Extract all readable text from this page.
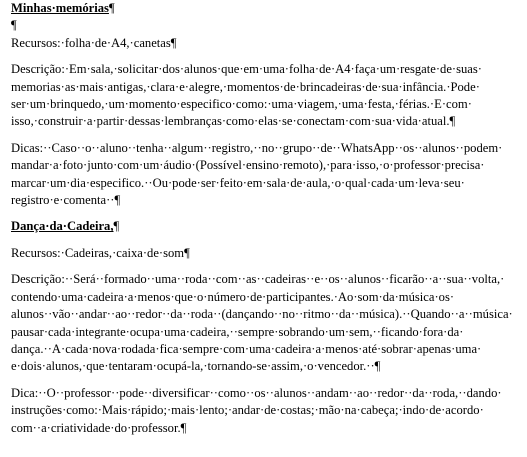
Minhas·memórias¶

¶

Recursos:·folha·de·A4,·canetas¶

Descrição:·Em·sala,·solicitar·dos·alunos·que·em·uma·folha·de·A4·faça·um·resgate·de·suas· memorias·as·mais·antigas,·clara·e·alegre,·momentos·de·brincadeiras·de·sua·infância.·Pode· ser·um·brinquedo,·um·momento·especifico·como:·uma·viagem,·uma·festa,·férias.·E·com· isso,·construir·a·partir·dessas·lembranças·como·elas·se·conectam·com·sua·vida·atual.¶

Dicas:··Caso··o··aluno··tenha··algum··registro,··no··grupo··de··WhatsApp··os··alunos··podem· mandar·a·foto·junto·com·um·áudio·(Possível·ensino·remoto),·para·isso,·o·professor·precisa· marcar·um·dia·especifico.··Ou·pode·ser·feito·em·sala·de·aula,·o·qual·cada·um·leva·seu· registro·e·comenta··¶

Dança·da·Cadeira,¶

Recursos:·Cadeiras,·caixa·de·som¶

Descrição:··Será··formado··uma··roda··com··as··cadeiras··e··os··alunos··ficarão··a··sua··volta,· contendo·uma·cadeira·a·menos·que·o·número·de·participantes.·Ao·som·da·música·os· alunos··vão··andar··ao··redor··da··roda··(dançando··no··ritmo··da··música).··Quando··a··música· pausar·cada·integrante·ocupa·uma·cadeira,··sempre·sobrando·um·sem,··ficando·fora·da· dança.··A·cada·nova·rodada·fica·sempre·com·uma·cadeira·a·menos·até·sobrar·apenas·uma· e·dois·alunos,·que·tentaram·ocupá-la,·tornando-se·assim,·o·vencedor.··¶

Dica:··O··professor··pode··diversificar··como··os··alunos··andam··ao··redor··da··roda,··dando· instruções·como:·Mais·rápido;·mais·lento;·andar·de·costas;·mão·na·cabeça;·indo·de·acordo· com··a·criatividade·do·professor.¶
